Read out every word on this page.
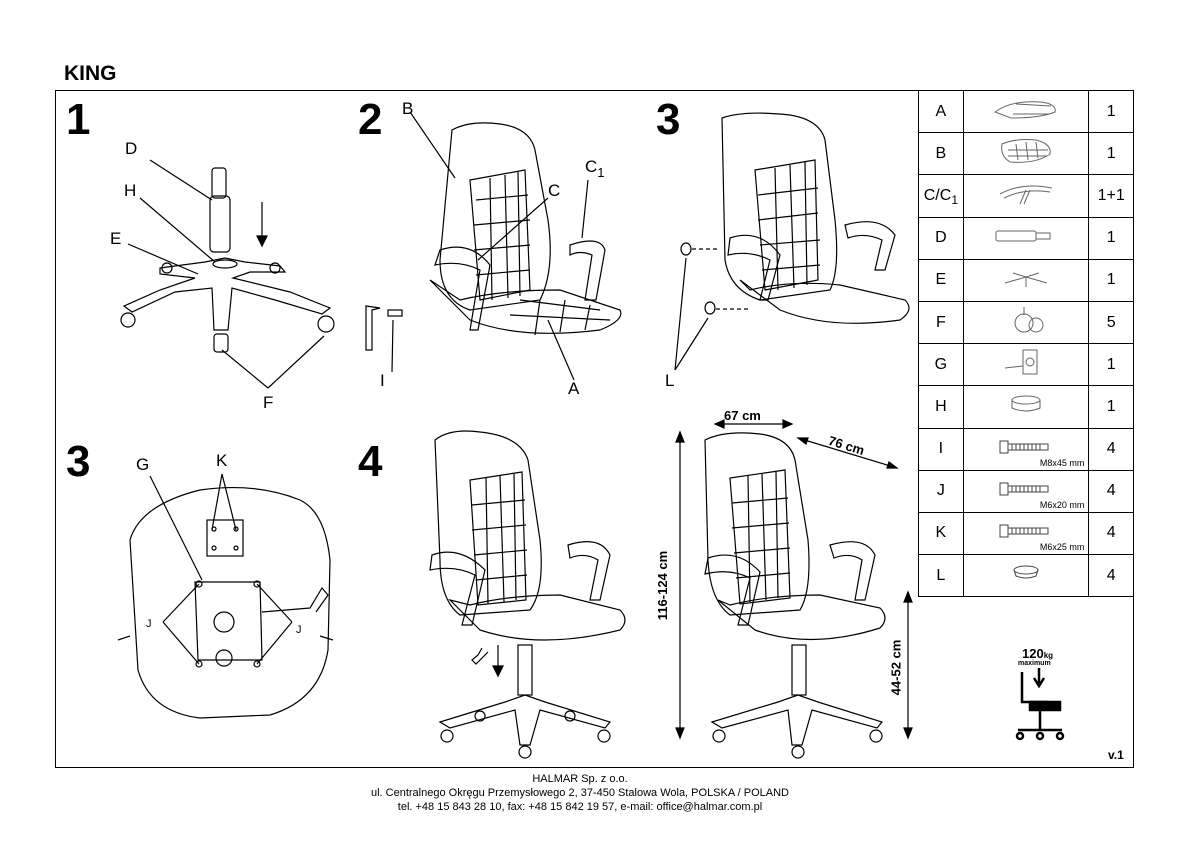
KING
1	2	3
3	4
D
H
E
F
B
C
$C_1$
I	A	L
G	K
J	J
67 cm
76 cm
116-124 cm
44-52 cm
A		1
B		1
$C/C_1$		1+1
D		1
E		1
F		5
G		1
H		1
I	M8x45 mm	4
J	M6x20 mm	4
K	M6x25 mm	4
L		4
120kg
maximum
v.1
HALMAR Sp. z o.o.
ul. Centralnego Okręgu Przemysłowego 2, 37-450 Stalowa Wola, POLSKA / POLAND
tel. +48 15 843 28 10, fax: +48 15 842 19 57, e-mail: office@halmar.com.pl
